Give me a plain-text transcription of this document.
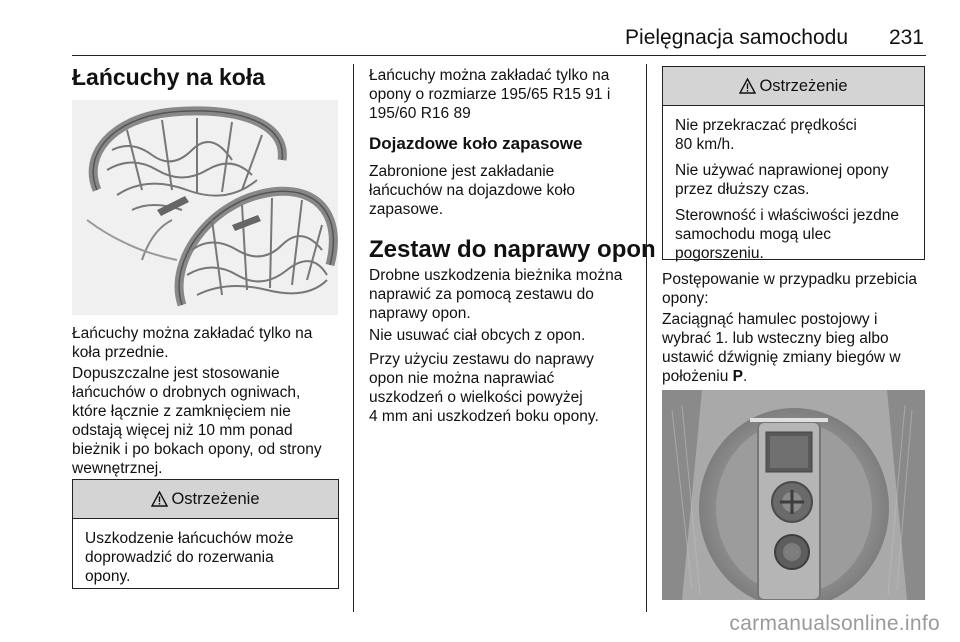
Pielęgnacja samochodu 231
Łańcuchy na koła

Łańcuchy można zakładać tylko na
koła przednie.

Dopuszczalne jest stosowanie
łańcuchów o drobnych ogniwach,
które łącznie z zamknięciem nie
odstają więcej niż 10 mm ponad
bieżnik i po bokach opony, od strony
wewnętrznej.

Ostrzeżenie

Uszkodzenie łańcuchów może
doprowadzić do rozerwania
opony.

Łańcuchy można zakładać tylko na
opony o rozmiarze 195/65 R15 91 i
195/60 R16 89

Dojazdowe koło zapasowe

Zabronione jest zakładanie
łańcuchów na dojazdowe koło
zapasowe.

Zestaw do naprawy opon

Drobne uszkodzenia bieżnika można
naprawić za pomocą zestawu do
naprawy opon.

Nie usuwać ciał obcych z opon.

Przy użyciu zestawu do naprawy
opon nie można naprawiać
uszkodzeń o wielkości powyżej
4 mm ani uszkodzeń boku opony.

Ostrzeżenie

Nie przekraczać prędkości
80 km/h.

Nie używać naprawionej opony
przez dłuższy czas.

Sterowność i właściwości jezdne
samochodu mogą ulec
pogorszeniu.

Postępowanie w przypadku przebicia
opony:

Zaciągnąć hamulec postojowy i
wybrać 1. lub wsteczny bieg albo
ustawić dźwignię zmiany biegów w
położeniu P.

carmanualsonline.info
